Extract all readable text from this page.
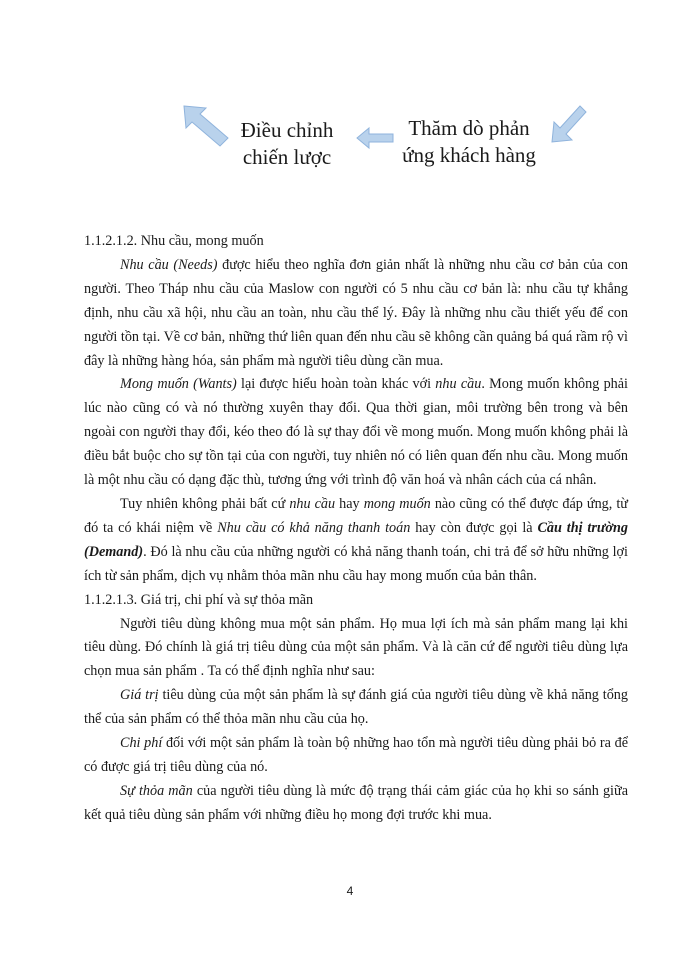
Điều chỉnh
chiến lược
Thăm dò phản
ứng khách hàng

1.1.2.1.2. Nhu cầu, mong muốn

Nhu cầu (Needs) được hiểu theo nghĩa đơn giản nhất là những nhu cầu cơ bản của con người. Theo Tháp nhu cầu của Maslow con người có 5 nhu cầu cơ bản là: nhu cầu tự khẳng định, nhu cầu xã hội, nhu cầu an toàn, nhu cầu thể lý. Đây là những nhu cầu thiết yếu để con người tồn tại. Về cơ bản, những thứ liên quan đến nhu cầu sẽ không cần quảng bá quá rầm rộ vì đây là những hàng hóa, sản phẩm mà người tiêu dùng cần mua.

Mong muốn (Wants) lại được hiểu hoàn toàn khác với nhu cầu. Mong muốn không phải lúc nào cũng có và nó thường xuyên thay đổi. Qua thời gian, môi trường bên trong và bên ngoài con người thay đổi, kéo theo đó là sự thay đổi về mong muốn. Mong muốn không phải là điều bắt buộc cho sự tồn tại của con người, tuy nhiên nó có liên quan đến nhu cầu. Mong muốn là một nhu cầu có dạng đặc thù, tương ứng với trình độ văn hoá và nhân cách của cá nhân.

Tuy nhiên không phải bất cứ nhu cầu hay mong muốn nào cũng có thể được đáp ứng, từ đó ta có khái niệm về Nhu cầu có khả năng thanh toán hay còn được gọi là Cầu thị trường (Demand). Đó là nhu cầu của những người có khả năng thanh toán, chi trả để sở hữu những lợi ích từ sản phẩm, dịch vụ nhằm thỏa mãn nhu cầu hay mong muốn của bản thân.

1.1.2.1.3. Giá trị, chi phí và sự thỏa mãn

Người tiêu dùng không mua một sản phẩm. Họ mua lợi ích mà sản phẩm mang lại khi tiêu dùng. Đó chính là giá trị tiêu dùng của một sản phẩm. Và là căn cứ để người tiêu dùng lựa chọn mua sản phẩm . Ta có thể định nghĩa như sau:

Giá trị tiêu dùng của một sản phẩm là sự đánh giá của người tiêu dùng về khả năng tổng thể của sản phẩm có thể thỏa mãn nhu cầu của họ.

Chi phí đối với một sản phẩm là toàn bộ những hao tổn mà người tiêu dùng phải bỏ ra để có được giá trị tiêu dùng của nó.

Sự thỏa mãn của người tiêu dùng là mức độ trạng thái cảm giác của họ khi so sánh giữa kết quả tiêu dùng sản phẩm với những điều họ mong đợi trước khi mua.

4
